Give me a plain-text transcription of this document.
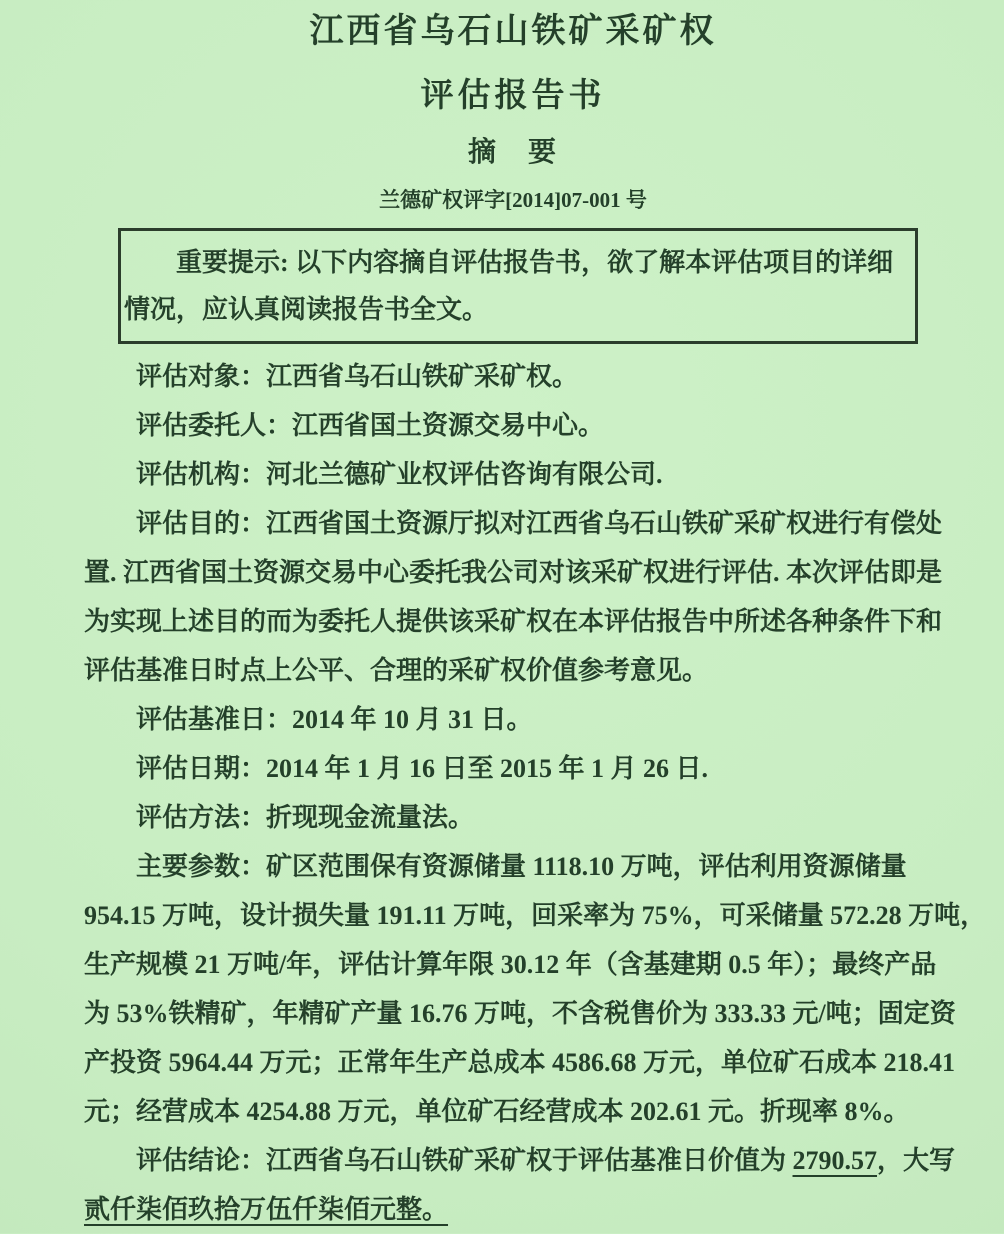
江西省乌石山铁矿采矿权
评估报告书
摘　要
兰德矿权评字[2014]07-001 号
　　重要提示: 以下内容摘自评估报告书，欲了解本评估项目的详细
情况，应认真阅读报告书全文。
　　评估对象：江西省乌石山铁矿采矿权。
　　评估委托人：江西省国土资源交易中心。
　　评估机构：河北兰德矿业权评估咨询有限公司.
　　评估目的：江西省国土资源厅拟对江西省乌石山铁矿采矿权进行有偿处
置. 江西省国土资源交易中心委托我公司对该采矿权进行评估. 本次评估即是
为实现上述目的而为委托人提供该采矿权在本评估报告中所述各种条件下和
评估基准日时点上公平、合理的采矿权价值参考意见。
　　评估基准日：2014 年 10 月 31 日。
　　评估日期：2014 年 1 月 16 日至 2015 年 1 月 26 日.
　　评估方法：折现现金流量法。
　　主要参数：矿区范围保有资源储量 1118.10 万吨，评估利用资源储量
954.15 万吨，设计损失量 191.11 万吨，回采率为 75%，可采储量 572.28 万吨，
生产规模 21 万吨/年，评估计算年限 30.12 年（含基建期 0.5 年）；最终产品
为 53%铁精矿，年精矿产量 16.76 万吨，不含税售价为 333.33 元/吨；固定资
产投资 5964.44 万元；正常年生产总成本 4586.68 万元，单位矿石成本 218.41
元；经营成本 4254.88 万元，单位矿石经营成本 202.61 元。折现率 8%。
　　评估结论：江西省乌石山铁矿采矿权于评估基准日价值为 2790.57，大写
贰仟柒佰玖拾万伍仟柒佰元整。
